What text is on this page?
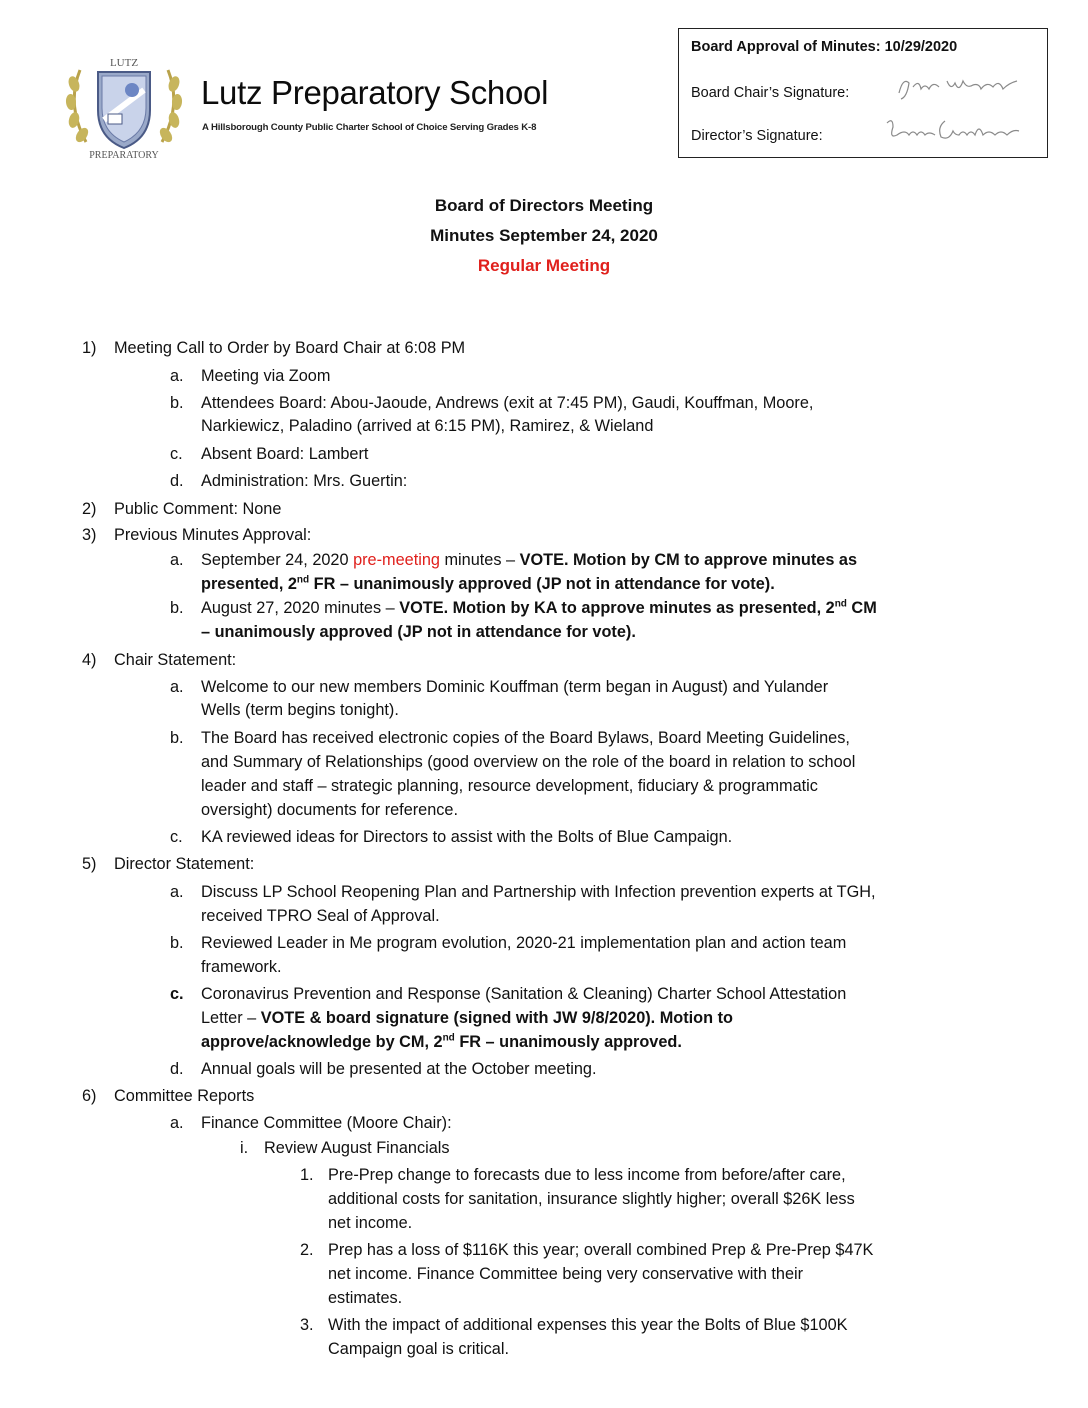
LUTZ
PREPARATORY
Lutz Preparatory School
A Hillsborough County Public Charter School of Choice Serving Grades K-8
Board Approval of Minutes: 10/29/2020
Board Chair’s Signature:
Director’s Signature:
Board of Directors Meeting
Minutes September 24, 2020
Regular Meeting
1) Meeting Call to Order by Board Chair at 6:08 PM
a. Meeting via Zoom
b. Attendees Board: Abou-Jaoude, Andrews (exit at 7:45 PM), Gaudi, Kouffman, Moore,
Narkiewicz, Paladino (arrived at 6:15 PM), Ramirez, & Wieland
c. Absent Board: Lambert
d. Administration: Mrs. Guertin:
2) Public Comment: None
3) Previous Minutes Approval:
a. September 24, 2020 pre-meeting minutes – VOTE. Motion by CM to approve minutes as
presented, 2nd FR – unanimously approved (JP not in attendance for vote).
b. August 27, 2020 minutes – VOTE. Motion by KA to approve minutes as presented, 2nd CM
– unanimously approved (JP not in attendance for vote).
4) Chair Statement:
a. Welcome to our new members Dominic Kouffman (term began in August) and Yulander
Wells (term begins tonight).
b. The Board has received electronic copies of the Board Bylaws, Board Meeting Guidelines,
and Summary of Relationships (good overview on the role of the board in relation to school
leader and staff – strategic planning, resource development, fiduciary & programmatic
oversight) documents for reference.
c. KA reviewed ideas for Directors to assist with the Bolts of Blue Campaign.
5) Director Statement:
a. Discuss LP School Reopening Plan and Partnership with Infection prevention experts at TGH,
received TPRO Seal of Approval.
b. Reviewed Leader in Me program evolution, 2020-21 implementation plan and action team
framework.
c. Coronavirus Prevention and Response (Sanitation & Cleaning) Charter School Attestation
Letter – VOTE & board signature (signed with JW 9/8/2020). Motion to
approve/acknowledge by CM, 2nd FR – unanimously approved.
d. Annual goals will be presented at the October meeting.
6) Committee Reports
a. Finance Committee (Moore Chair):
i. Review August Financials
1. Pre-Prep change to forecasts due to less income from before/after care,
additional costs for sanitation, insurance slightly higher; overall $26K less
net income.
2. Prep has a loss of $116K this year; overall combined Prep & Pre-Prep $47K
net income. Finance Committee being very conservative with their
estimates.
3. With the impact of additional expenses this year the Bolts of Blue $100K
Campaign goal is critical.
